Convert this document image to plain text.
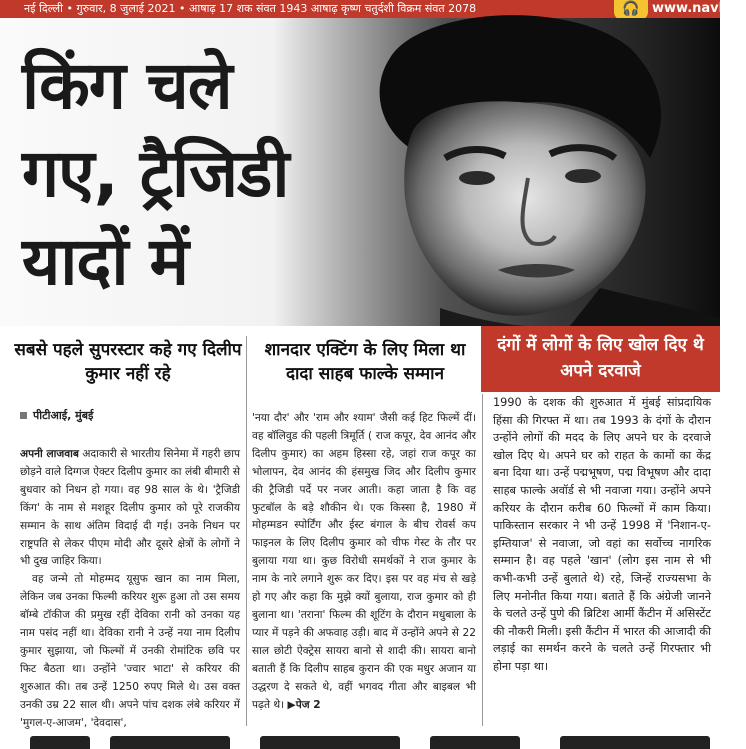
नई दिल्ली • गुरुवार, 8 जुलाई 2021 • आषाढ़ 17 शक संवत 1943 आषाढ़ कृष्ण चतुर्दशी विक्रम संवत 2078	🎧 www.navbha
किंग चले
गए, ट्रैजिडी
यादों में
सबसे पहले सुपरस्टार कहे गए दिलीप कुमार नहीं रहे
शानदार एक्टिंग के लिए मिला था दादा साहब फाल्के सम्मान
दंगों में लोगों के लिए खोल दिए थे अपने दरवाजे
पीटीआई, मुंबई

अपनी लाजवाब अदाकारी से भारतीय सिनेमा में गहरी छाप छोड़ने वाले दिग्गज ऐक्टर दिलीप कुमार का लंबी बीमारी से बुधवार को निधन हो गया। वह 98 साल के थे। 'ट्रैजिडी किंग' के नाम से मशहूर दिलीप कुमार को पूरे राजकीय सम्मान के साथ अंतिम विदाई दी गई। उनके निधन पर राष्ट्रपति से लेकर पीएम मोदी और दूसरे क्षेत्रों के लोगों ने भी दुख जाहिर किया।

वह जन्मे तो मोहम्मद यूसुफ खान का नाम मिला, लेकिन जब उनका फिल्मी करियर शुरू हुआ तो उस समय बॉम्बे टॉकीज की प्रमुख रहीं देविका रानी को उनका यह नाम पसंद नहीं था। देविका रानी ने उन्हें नया नाम दिलीप कुमार सुझाया, जो फिल्मों में उनकी रोमांटिक छवि पर फिट बैठता था। उन्होंने 'ज्वार भाटा' से करियर की शुरुआत की। तब उन्हें 1250 रुपए मिले थे। उस वक्त उनकी उम्र 22 साल थी। अपने पांच दशक लंबे करियर में 'मुगल-ए-आजम', 'देवदास',

'नया दौर' और 'राम और श्याम' जैसी कई हिट फिल्में दीं। वह बॉलिवुड की पहली त्रिमूर्ति ( राज कपूर, देव आनंद और दिलीप कुमार) का अहम हिस्सा रहे, जहां राज कपूर का भोलापन, देव आनंद की हंसमुख जिद और दिलीप कुमार की ट्रैजिडी पर्दे पर नजर आती। कहा जाता है कि वह फुटबॉल के बड़े शौकीन थे। एक किस्सा है, 1980 में मोहम्मडन स्पोर्टिंग और ईस्ट बंगाल के बीच रोवर्स कप फाइनल के लिए दिलीप कुमार को चीफ गेस्ट के तौर पर बुलाया गया था। कुछ विरोधी समर्थकों ने राज कुमार के नाम के नारे लगाने शुरू कर दिए। इस पर वह मंच से खड़े हो गए और कहा कि मुझे क्यों बुलाया, राज कुमार को ही बुलाना था। 'तराना' फिल्म की शूटिंग के दौरान मधुबाला के प्यार में पड़ने की अफवाह उड़ी। बाद में उन्होंने अपने से 22 साल छोटी ऐक्ट्रेस सायरा बानो से शादी की। सायरा बानो बताती हैं कि दिलीप साहब कुरान की एक मधुर अजान या उद्धरण दे सकते थे, वहीं भगवद गीता और बाइबल भी पढ़ते थे। ▶पेज 2

1990 के दशक की शुरुआत में मुंबई सांप्रदायिक हिंसा की गिरफ्त में था। तब 1993 के दंगों के दौरान उन्होंने लोगों की मदद के लिए अपने घर के दरवाजे खोल दिए थे। अपने घर को राहत के कामों का केंद्र बना दिया था। उन्हें पद्मभूषण, पद्म विभूषण और दादा साहब फाल्के अवॉर्ड से भी नवाजा गया। उन्होंने अपने करियर के दौरान करीब 60 फिल्मों में काम किया। पाकिस्तान सरकार ने भी उन्हें 1998 में 'निशान-ए-इम्तियाज' से नवाजा, जो वहां का सर्वोच्च नागरिक सम्मान है। वह पहले 'खान' (लोग इस नाम से भी कभी-कभी उन्हें बुलाते थे) रहे, जिन्हें राज्यसभा के लिए मनोनीत किया गया। बताते हैं कि अंग्रेजी जानने के चलते उन्हें पुणे की ब्रिटिश आर्मी कैंटीन में असिस्टेंट की नौकरी मिली। इसी कैंटीन में भारत की आजादी की लड़ाई का समर्थन करने के चलते उन्हें गिरफ्तार भी होना पड़ा था।
